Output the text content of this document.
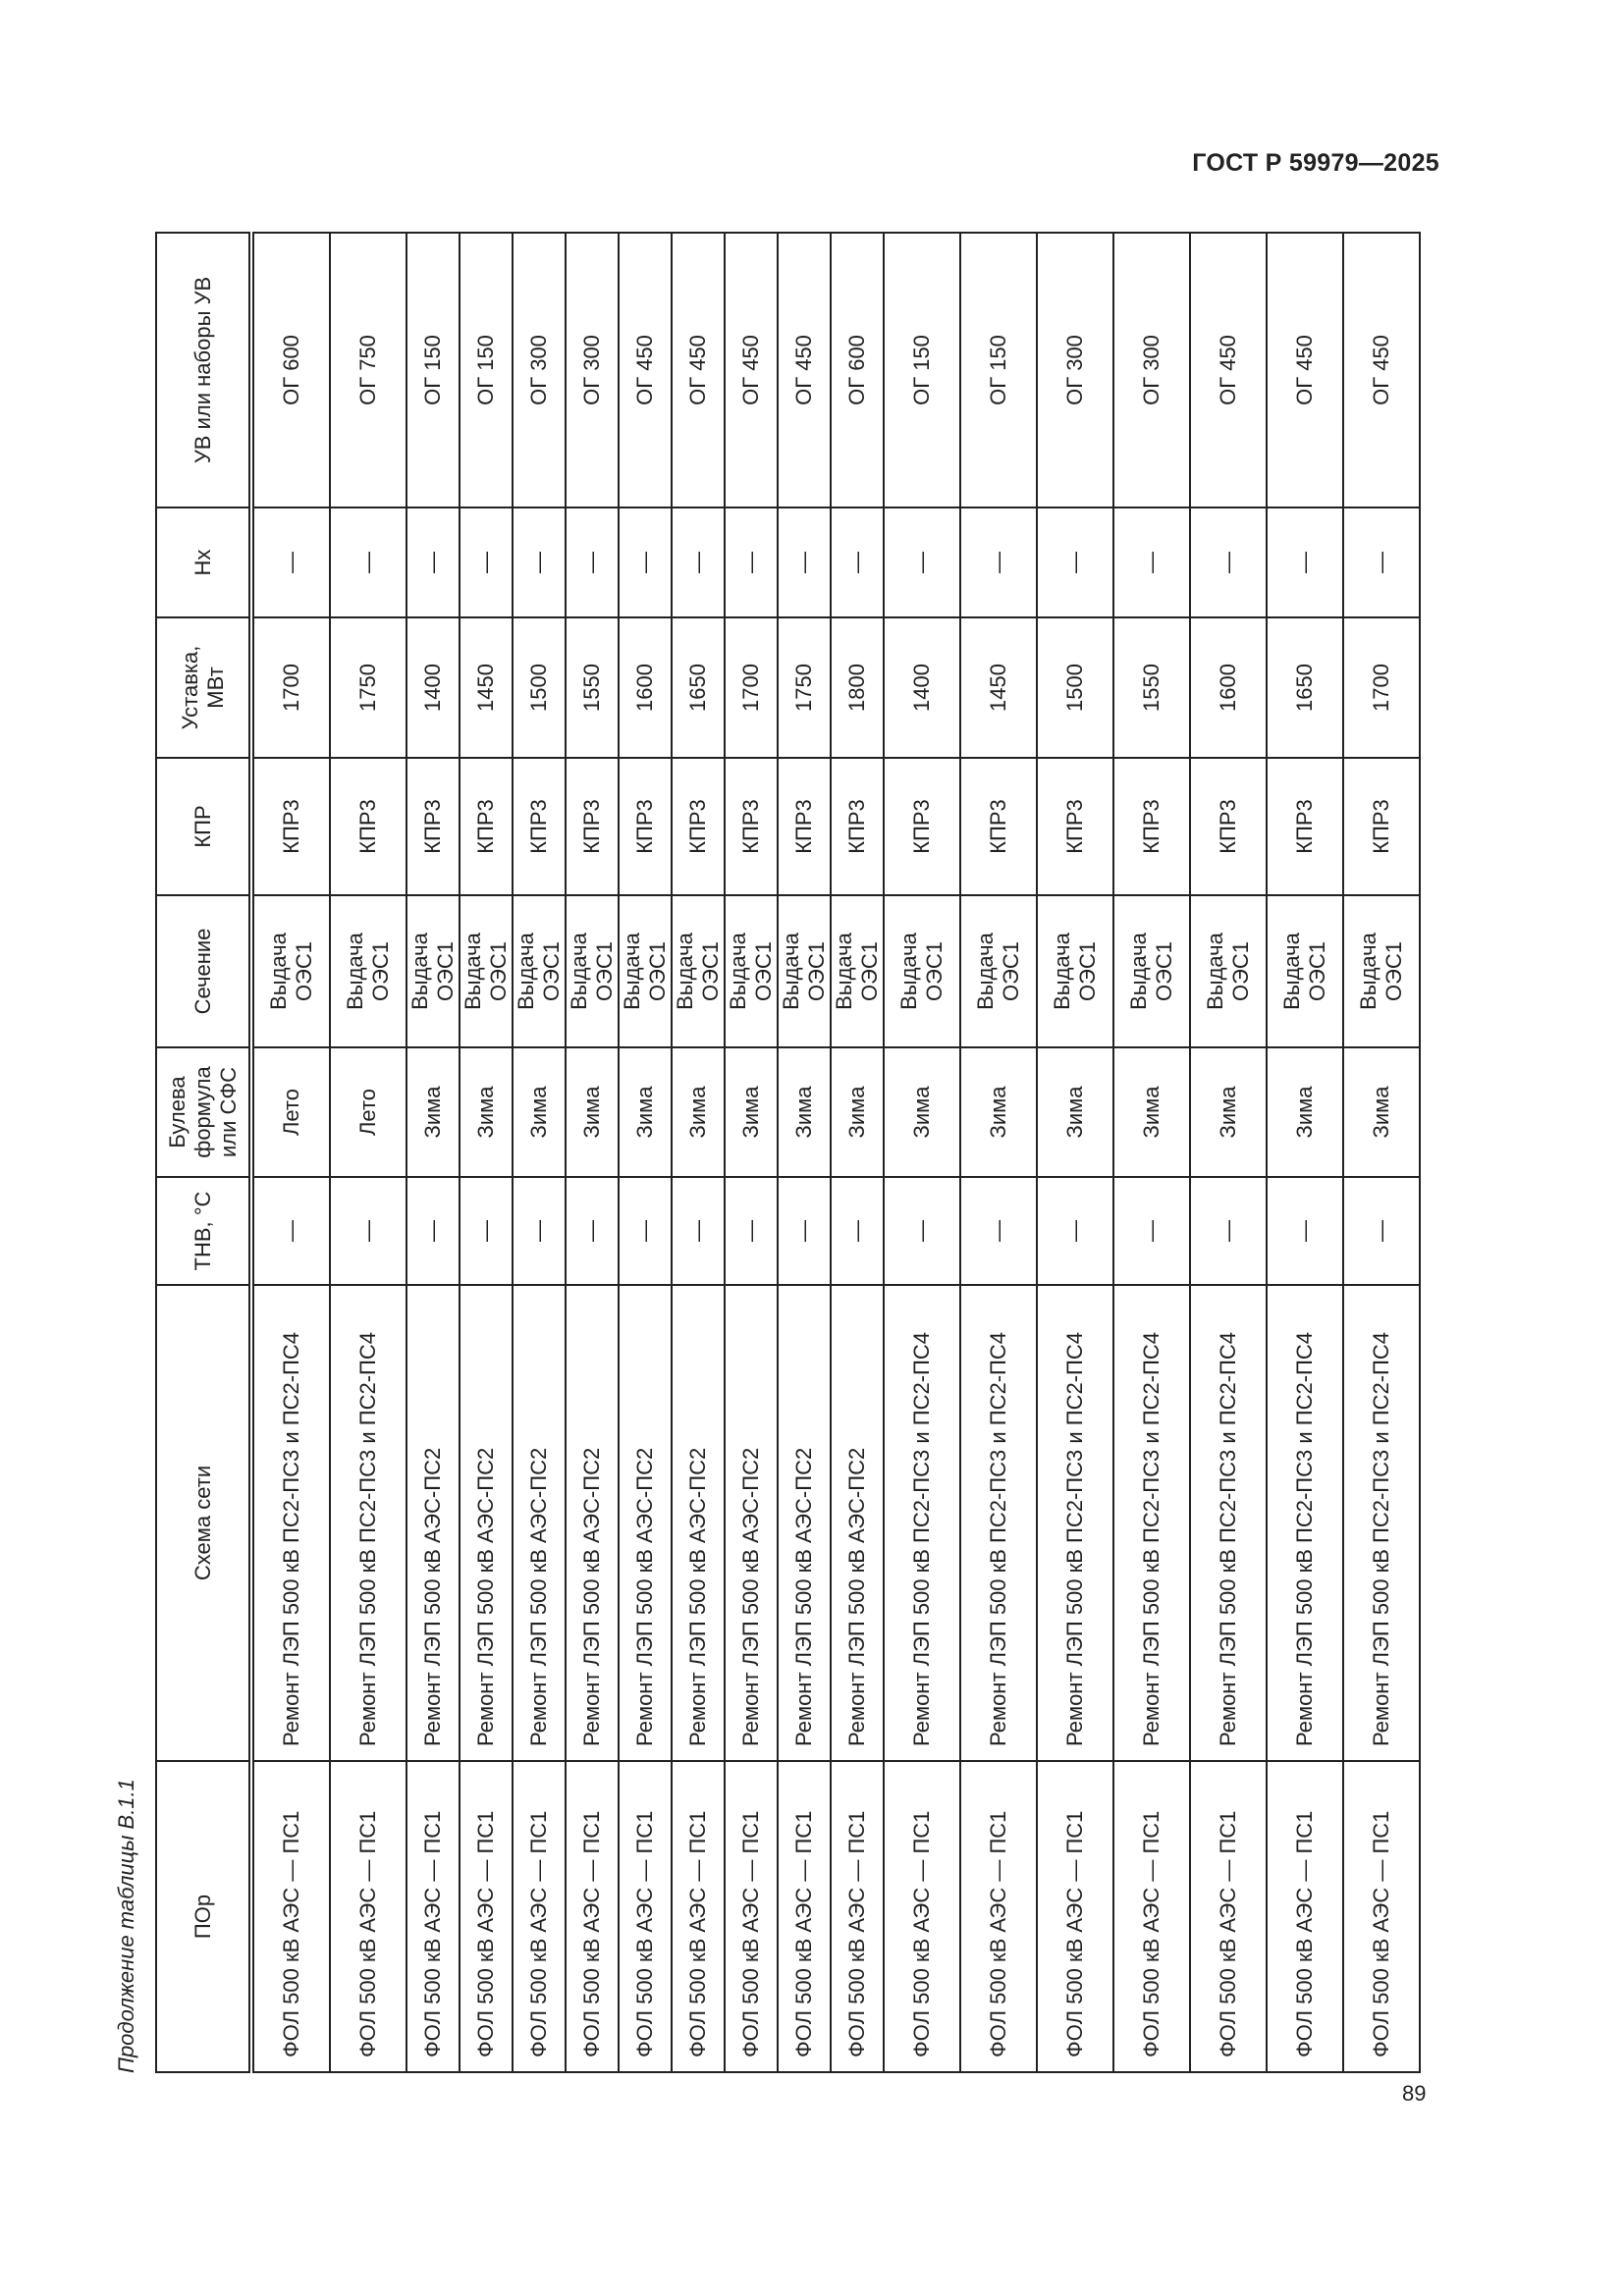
ГОСТ Р 59979—2025
Продолжение таблицы В.1.1 ПОр	Схема сети	ТНВ, °С	Булева формула или СФС	Сечение	КПР	Уставка, МВт	Нх	УВ или наборы УВ
ФОЛ 500 кВ АЭС — ПС1	Ремонт ЛЭП 500 кВ ПС2-ПС3 и ПС2-ПС4	—	Лето	Выдача ОЭС1	КПР3	1700	—	ОГ 600
ФОЛ 500 кВ АЭС — ПС1	Ремонт ЛЭП 500 кВ ПС2-ПС3 и ПС2-ПС4	—	Лето	Выдача ОЭС1	КПР3	1750	—	ОГ 750
ФОЛ 500 кВ АЭС — ПС1	Ремонт ЛЭП 500 кВ АЭС-ПС2	—	Зима	Выдача ОЭС1	КПР3	1400	—	ОГ 150
ФОЛ 500 кВ АЭС — ПС1	Ремонт ЛЭП 500 кВ АЭС-ПС2	—	Зима	Выдача ОЭС1	КПР3	1450	—	ОГ 150
ФОЛ 500 кВ АЭС — ПС1	Ремонт ЛЭП 500 кВ АЭС-ПС2	—	Зима	Выдача ОЭС1	КПР3	1500	—	ОГ 300
ФОЛ 500 кВ АЭС — ПС1	Ремонт ЛЭП 500 кВ АЭС-ПС2	—	Зима	Выдача ОЭС1	КПР3	1550	—	ОГ 300
ФОЛ 500 кВ АЭС — ПС1	Ремонт ЛЭП 500 кВ АЭС-ПС2	—	Зима	Выдача ОЭС1	КПР3	1600	—	ОГ 450
ФОЛ 500 кВ АЭС — ПС1	Ремонт ЛЭП 500 кВ АЭС-ПС2	—	Зима	Выдача ОЭС1	КПР3	1650	—	ОГ 450
ФОЛ 500 кВ АЭС — ПС1	Ремонт ЛЭП 500 кВ АЭС-ПС2	—	Зима	Выдача ОЭС1	КПР3	1700	—	ОГ 450
ФОЛ 500 кВ АЭС — ПС1	Ремонт ЛЭП 500 кВ АЭС-ПС2	—	Зима	Выдача ОЭС1	КПР3	1750	—	ОГ 450
ФОЛ 500 кВ АЭС — ПС1	Ремонт ЛЭП 500 кВ АЭС-ПС2	—	Зима	Выдача ОЭС1	КПР3	1800	—	ОГ 600
ФОЛ 500 кВ АЭС — ПС1	Ремонт ЛЭП 500 кВ ПС2-ПС3 и ПС2-ПС4	—	Зима	Выдача ОЭС1	КПР3	1400	—	ОГ 150
ФОЛ 500 кВ АЭС — ПС1	Ремонт ЛЭП 500 кВ ПС2-ПС3 и ПС2-ПС4	—	Зима	Выдача ОЭС1	КПР3	1450	—	ОГ 150
ФОЛ 500 кВ АЭС — ПС1	Ремонт ЛЭП 500 кВ ПС2-ПС3 и ПС2-ПС4	—	Зима	Выдача ОЭС1	КПР3	1500	—	ОГ 300
ФОЛ 500 кВ АЭС — ПС1	Ремонт ЛЭП 500 кВ ПС2-ПС3 и ПС2-ПС4	—	Зима	Выдача ОЭС1	КПР3	1550	—	ОГ 300
ФОЛ 500 кВ АЭС — ПС1	Ремонт ЛЭП 500 кВ ПС2-ПС3 и ПС2-ПС4	—	Зима	Выдача ОЭС1	КПР3	1600	—	ОГ 450
ФОЛ 500 кВ АЭС — ПС1	Ремонт ЛЭП 500 кВ ПС2-ПС3 и ПС2-ПС4	—	Зима	Выдача ОЭС1	КПР3	1650	—	ОГ 450
ФОЛ 500 кВ АЭС — ПС1	Ремонт ЛЭП 500 кВ ПС2-ПС3 и ПС2-ПС4	—	Зима	Выдача ОЭС1	КПР3	1700	—	ОГ 450
89
